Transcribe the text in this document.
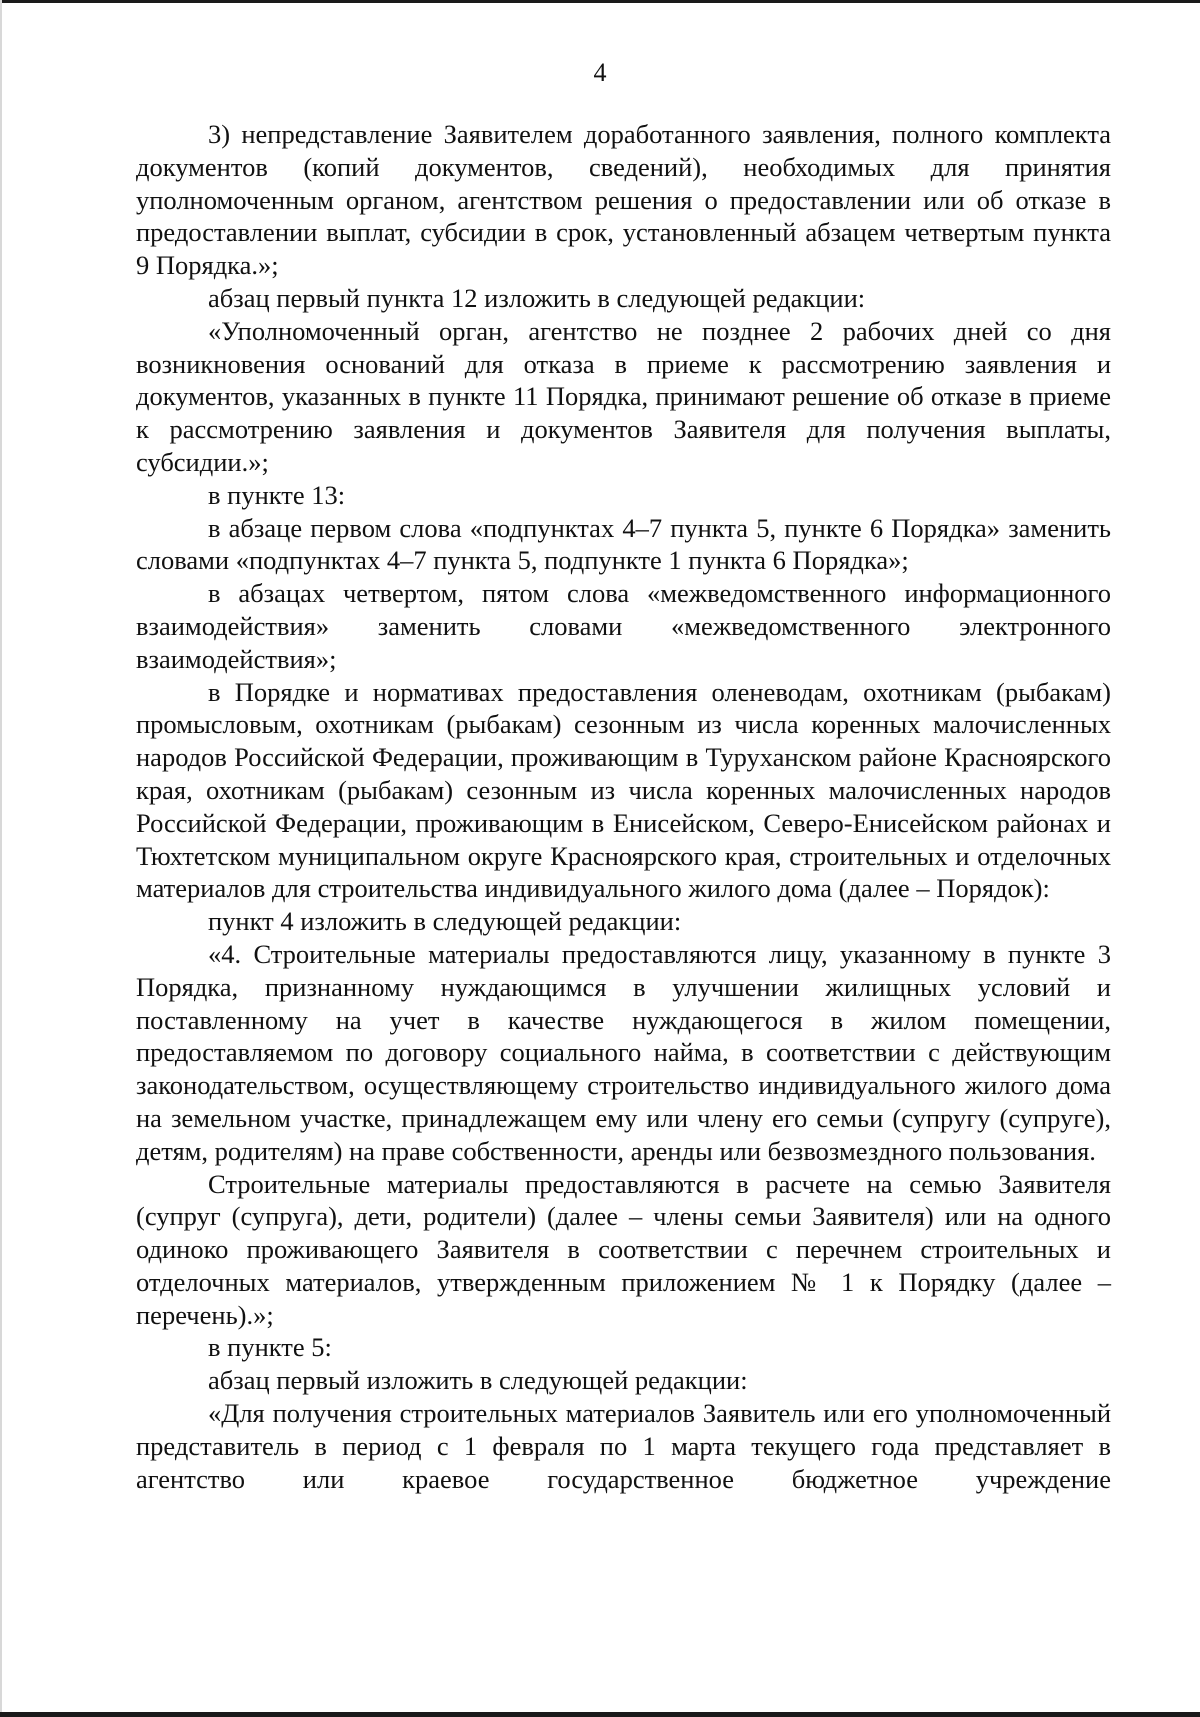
4

3) непредставление Заявителем доработанного заявления, полного комплекта документов (копий документов, сведений), необходимых для принятия уполномоченным органом, агентством решения о предоставлении или об отказе в предоставлении выплат, субсидии в срок, установленный абзацем четвертым пункта 9 Порядка.»;

абзац первый пункта 12 изложить в следующей редакции:

«Уполномоченный орган, агентство не позднее 2 рабочих дней со дня возникновения оснований для отказа в приеме к рассмотрению заявления и документов, указанных в пункте 11 Порядка, принимают решение об отказе в приеме к рассмотрению заявления и документов Заявителя для получения выплаты, субсидии.»;

в пункте 13:

в абзаце первом слова «подпунктах 4–7 пункта 5, пункте 6 Порядка» заменить словами «подпунктах 4–7 пункта 5, подпункте 1 пункта 6 Порядка»;

в абзацах четвертом, пятом слова «межведомственного информационного взаимодействия» заменить словами «межведомственного электронного взаимодействия»;

в Порядке и нормативах предоставления оленеводам, охотникам (рыбакам) промысловым, охотникам (рыбакам) сезонным из числа коренных малочисленных народов Российской Федерации, проживающим в Туруханском районе Красноярского края, охотникам (рыбакам) сезонным из числа коренных малочисленных народов Российской Федерации, проживающим в Енисейском, Северо-Енисейском районах и Тюхтетском муниципальном округе Красноярского края, строительных и отделочных материалов для строительства индивидуального жилого дома (далее – Порядок):

пункт 4 изложить в следующей редакции:

«4. Строительные материалы предоставляются лицу, указанному в пункте 3 Порядка, признанному нуждающимся в улучшении жилищных условий и поставленному на учет в качестве нуждающегося в жилом помещении, предоставляемом по договору социального найма, в соответствии с действующим законодательством, осуществляющему строительство индивидуального жилого дома на земельном участке, принадлежащем ему или члену его семьи (супругу (супруге), детям, родителям) на праве собственности, аренды или безвозмездного пользования.

Строительные материалы предоставляются в расчете на семью Заявителя (супруг (супруга), дети, родители) (далее – члены семьи Заявителя) или на одного одиноко проживающего Заявителя в соответствии с перечнем строительных и отделочных материалов, утвержденным приложением № 1 к Порядку (далее – перечень).»;

в пункте 5:

абзац первый изложить в следующей редакции:

«Для получения строительных материалов Заявитель или его уполномоченный представитель в период с 1 февраля по 1 марта текущего года представляет в агентство или краевое государственное бюджетное учреждение
